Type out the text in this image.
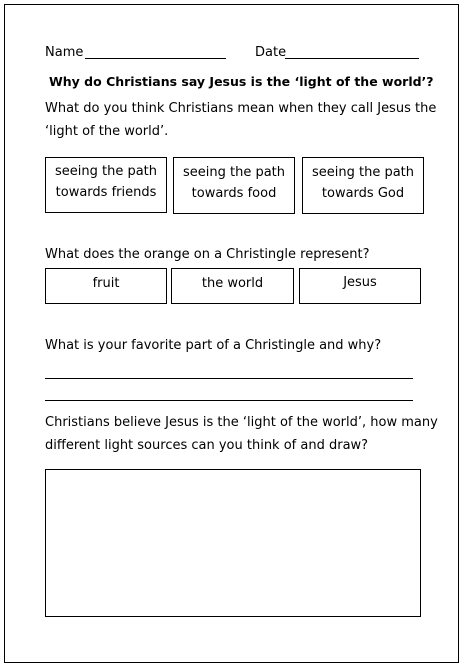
Name	Date
Why do Christians say Jesus is the ‘light of the world’?
What do you think Christians mean when they call Jesus the
‘light of the world’.
seeing the path
towards friends
seeing the path
towards food
seeing the path
towards God
What does the orange on a Christingle represent?
fruit	the world	Jesus
What is your favorite part of a Christingle and why?
Christians believe Jesus is the ‘light of the world’, how many
different light sources can you think of and draw?
